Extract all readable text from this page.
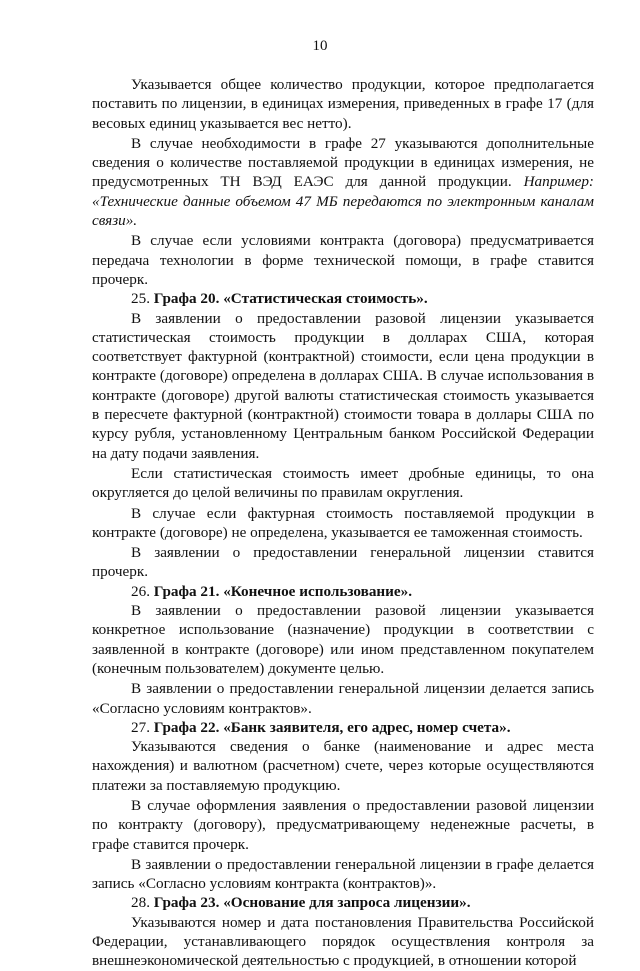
10

Указывается общее количество продукции, которое предполагается поставить по лицензии, в единицах измерения, приведенных в графе 17 (для весовых единиц указывается вес нетто).

В случае необходимости в графе 27 указываются дополнительные сведения о количестве поставляемой продукции в единицах измерения, не предусмотренных ТН ВЭД ЕАЭС для данной продукции. Например: «Технические данные объемом 47 МБ передаются по электронным каналам связи».

В случае если условиями контракта (договора) предусматривается передача технологии в форме технической помощи, в графе ставится прочерк.

25. Графа 20. «Статистическая стоимость».

В заявлении о предоставлении разовой лицензии указывается статистическая стоимость продукции в долларах США, которая соответствует фактурной (контрактной) стоимости, если цена продукции в контракте (договоре) определена в долларах США. В случае использования в контракте (договоре) другой валюты статистическая стоимость указывается в пересчете фактурной (контрактной) стоимости товара в доллары США по курсу рубля, установленному Центральным банком Российской Федерации на дату подачи заявления.

Если статистическая стоимость имеет дробные единицы, то она округляется до целой величины по правилам округления.

В случае если фактурная стоимость поставляемой продукции в контракте (договоре) не определена, указывается ее таможенная стоимость.

В заявлении о предоставлении генеральной лицензии ставится прочерк.

26. Графа 21. «Конечное использование».

В заявлении о предоставлении разовой лицензии указывается конкретное использование (назначение) продукции в соответствии с заявленной в контракте (договоре) или ином представленном покупателем (конечным пользователем) документе целью.

В заявлении о предоставлении генеральной лицензии делается запись «Согласно условиям контрактов».

27. Графа 22. «Банк заявителя, его адрес, номер счета».

Указываются сведения о банке (наименование и адрес места нахождения) и валютном (расчетном) счете, через которые осуществляются платежи за поставляемую продукцию.

В случае оформления заявления о предоставлении разовой лицензии по контракту (договору), предусматривающему неденежные расчеты, в графе ставится прочерк.

В заявлении о предоставлении генеральной лицензии в графе делается запись «Согласно условиям контракта (контрактов)».

28. Графа 23. «Основание для запроса лицензии».

Указываются номер и дата постановления Правительства Российской Федерации, устанавливающего порядок осуществления контроля за внешнеэкономической деятельностью с продукцией, в отношении которой
